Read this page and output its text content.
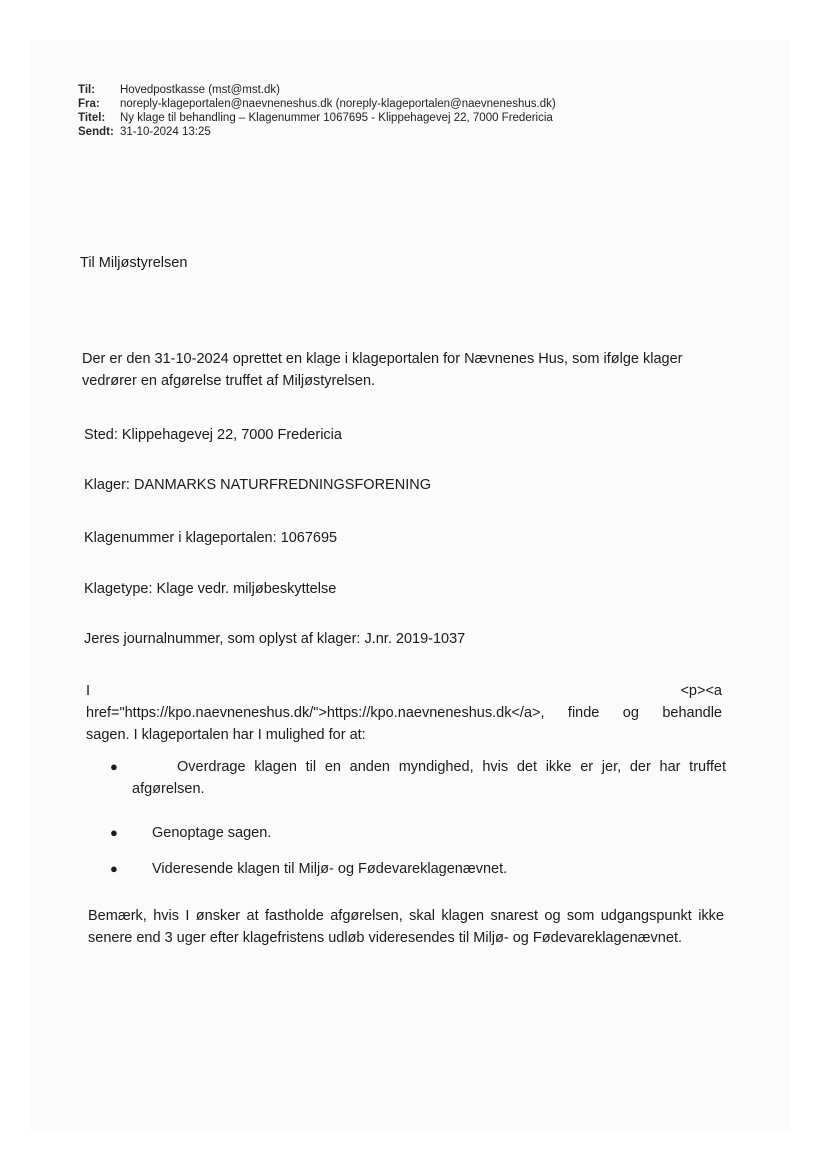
Til:	Hovedpostkasse (mst@mst.dk)
Fra:	noreply-klageportalen@naevneneshus.dk (noreply-klageportalen@naevneneshus.dk)
Titel:	Ny klage til behandling – Klagenummer 1067695 - Klippehagevej 22, 7000 Fredericia
Sendt: 31-10-2024 13:25
Til Miljøstyrelsen
Der er den 31-10-2024 oprettet en klage i klageportalen for Nævnenes Hus, som ifølge klager
vedrører en afgørelse truffet af Miljøstyrelsen.
Sted: Klippehagevej 22, 7000 Fredericia
Klager: DANMARKS NATURFREDNINGSFORENING
Klagenummer i klageportalen: 1067695
Klagetype: Klage vedr. miljøbeskyttelse
Jeres journalnummer, som oplyst af klager: J.nr. 2019-1037
I	<p><a
href="https://kpo.naevneneshus.dk/">https://kpo.naevneneshus.dk</a>, finde og behandle
sagen. I klageportalen har I mulighed for at:
●	Overdrage klagen til en anden myndighed, hvis det ikke er jer, der har truffet
afgørelsen.
● Genoptage sagen.
● Videresende klagen til Miljø- og Fødevareklagenævnet.
Bemærk, hvis I ønsker at fastholde afgørelsen, skal klagen snarest og som udgangspunkt ikke
senere end 3 uger efter klagefristens udløb videresendes til Miljø- og Fødevareklagenævnet.
